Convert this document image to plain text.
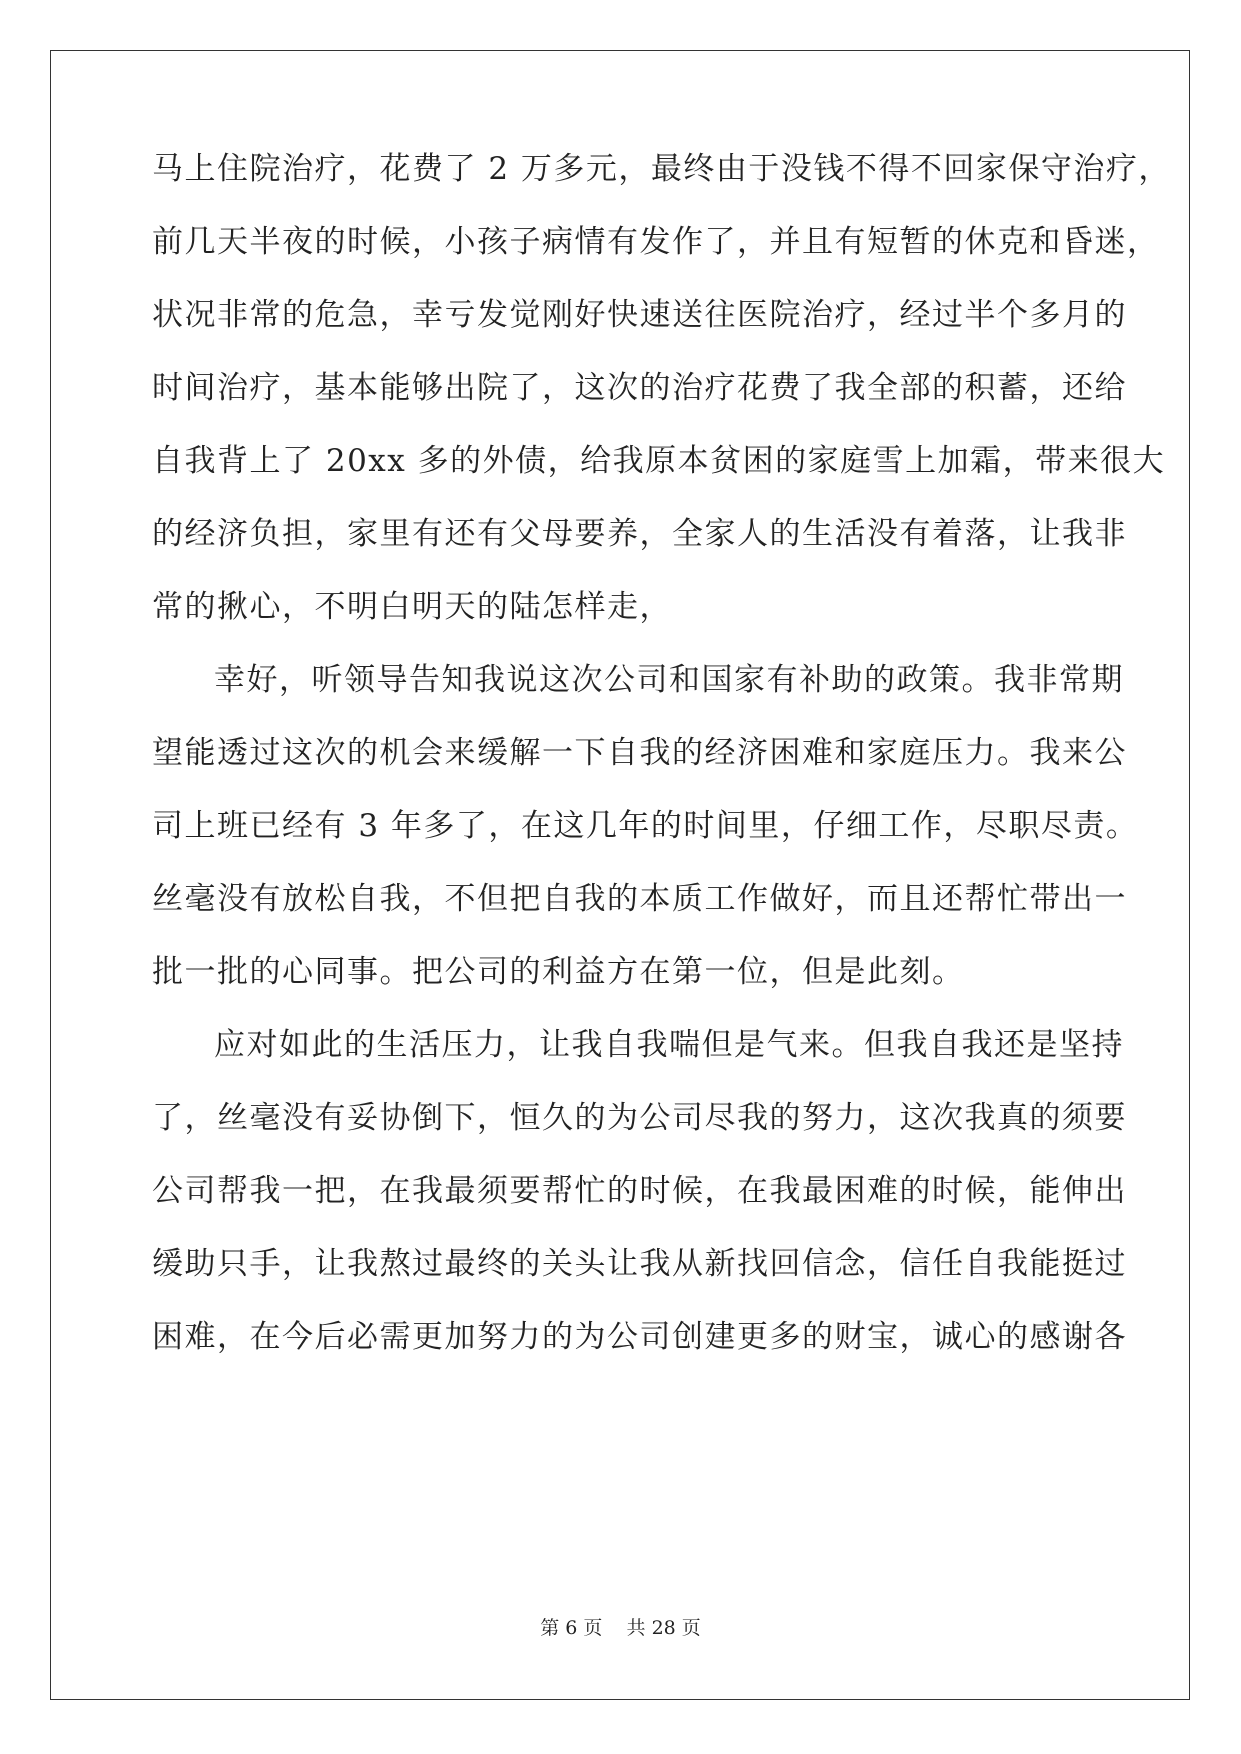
马上住院治疗，花费了 2 万多元，最终由于没钱不得不回家保守治疗，
前几天半夜的时候，小孩子病情有发作了，并且有短暂的休克和昏迷，
状况非常的危急，幸亏发觉刚好快速送往医院治疗，经过半个多月的
时间治疗，基本能够出院了，这次的治疗花费了我全部的积蓄，还给
自我背上了 20xx 多的外债，给我原本贫困的家庭雪上加霜，带来很大
的经济负担，家里有还有父母要养，全家人的生活没有着落，让我非
常的揪心，不明白明天的陆怎样走，
幸好，听领导告知我说这次公司和国家有补助的政策。我非常期
望能透过这次的机会来缓解一下自我的经济困难和家庭压力。我来公
司上班已经有 3 年多了，在这几年的时间里，仔细工作，尽职尽责。
丝毫没有放松自我，不但把自我的本质工作做好，而且还帮忙带出一
批一批的心同事。把公司的利益方在第一位，但是此刻。
应对如此的生活压力，让我自我喘但是气来。但我自我还是坚持
了，丝毫没有妥协倒下，恒久的为公司尽我的努力，这次我真的须要
公司帮我一把，在我最须要帮忙的时候，在我最困难的时候，能伸出
缓助只手，让我熬过最终的关头让我从新找回信念，信任自我能挺过
困难，在今后必需更加努力的为公司创建更多的财宝，诚心的感谢各
第 6 页    共 28 页
